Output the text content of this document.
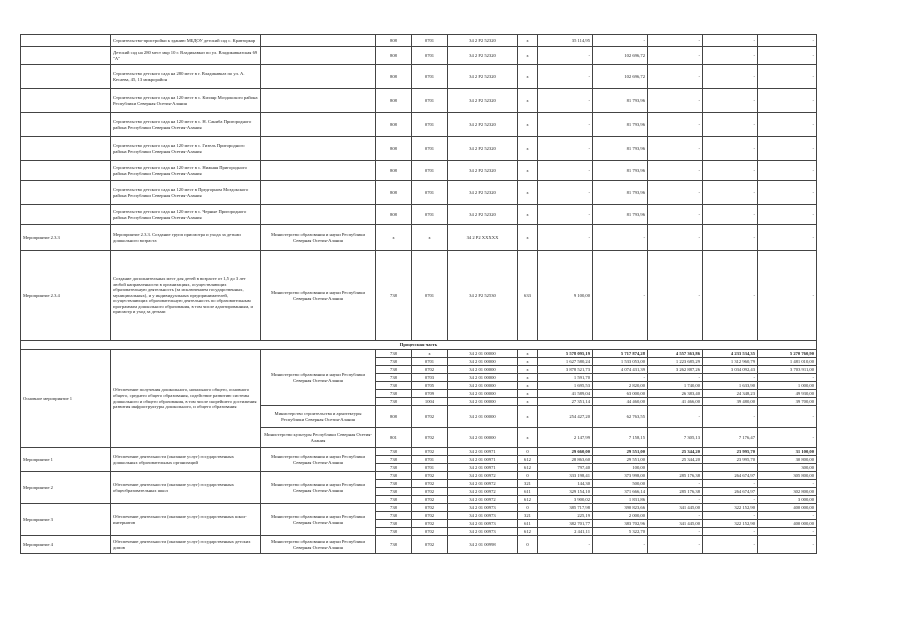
	Строительство-пристройки к зданию МБДОУ детский сад с. Кравторкар		808	0701	34 2 P2 52320	x	35 114,95	-	-	-	-
	Детский сад на 280 мест мкр 10 г. Владикавказ по ул. Владикавказская 69 "А"		808	0701	34 2 P2 52320	x	-	102 696,72	-	-	-
	Строительство детского сада на 280 мест в г. Владикавказ по ул. А. Кесаева, 45, 13 микрорайон		808	0701	34 2 P2 52320	x	-	102 696,72	-	-	-
	Строительство детского сада на 120 мест в с. Кизляр Моздокского района Республики Северная Осетия-Алания		808	0701	34 2 P2 52320	x	-	81 793,96	-	-	-
	Строительство детского сада на 120 мест в с. Н. Саниба Пригородного района Республики Северная Осетия-Алания		808	0701	34 2 P2 52320	x	-	81 793,96	-	-	-
	Строительство детского сада на 120 мест в с. Гизель Пригородного района Республики Северная Осетия-Алания		808	0701	34 2 P2 52320	x	-	81 793,96	-	-	-
	Строительство детского сада на 120 мест в с. Нижняя Пригородного района Республики Северная Осетия-Алания		808	0701	34 2 P2 52320	x	-	81 793,96	-	-	-
	Строительство детского сада на 120 мест в Предгорном Моздокского района Республики Северная Осетия-Алания		808	0701	34 2 P2 52320	x	-	81 793,96	-	-	-
	Строительство детского сада на 120 мест в с. Черные Пригородного района Республики Северная Осетия-Алания		808	0701	34 2 P2 52320	x	-	81 793,96	-	-	-
Мероприятие 2.3.3	Мероприятие 2.3.3. Создание групп присмотра и ухода за детьми дошкольного возраста	Министерство образования и науки Республики Северная Осетия-Алания	x	x	34 2 P2 XXXXX	x	-	-	-	-	-
Мероприятие 2.3.4	Создание дополнительных мест для детей в возрасте от 1,5 до 3 лет любой направленности в организациях, осуществляющих образовательную деятельность (за исключением государственных, муниципальных), и у индивидуальных предпринимателей, осуществляющих образовательную деятельность по образовательным программам дошкольного образования, в том числе адаптированным, и присмотр и уход за детьми	Министерство образования и науки Республики Северная Осетия-Алания	738	0701	34 2 P2 52530	633	9 100,00	-	-	-	-
Процессная часть											
Основное мероприятие 1	Обеспечение получения дошкольного, начального общего, основного общего, среднего общего образования, содействие развитию системы дошкольного и общего образования, в том числе скорейшего достижения развития инфраструктуры дошкольного, и общего образования	Министерство образования и науки Республики Северная Осетия-Алания	738	x	34 2 01 00000	x	5 578 095,19	5 717 874,28	4 557 363,86	4 233 534,35	5 270 760,90
			738	0701	34 2 01 00000	x	1 627 580,24	1 533 053,00	1 223 685,29	1 312 960,79	1 481 010,00
			738	0702	34 2 01 00000	x	3 878 521,73	4 074 431,39	3 262 887,26	3 034 092,43	3 703 911,00
			738	0703	34 2 01 00000	x	1 591,70	-	-	-	-
			738	0705	34 2 01 00000	x	1 695,53	2 820,00	1 740,00	1 633,90	1 000,00
			738	0709	34 2 01 00000	x	41 589,04	63 000,00	26 383,40	24 348,23	49 930,00
			738	1004	34 2 01 00000	x	27 351,14	44 460,00	41 466,00	39 480,00	39 700,00
		Министерство строительства и архитектуры Республики Северная Осетия-Алания	808	0702	34 2 01 00000	x	254 427,20	62 763,55	-	-	-
		Министерство культуры Республики Северная Осетия-Алания	801	0702	34 2 01 00000	x	2 147,99	7 158,15	7 305,13	7 176,47	-
Мероприятие 1	Обеспечение деятельности (оказание услуг) государственных дошкольных образовательных организаций	Министерство образования и науки Республики Северная Осетия-Алания	738	0702	34 2 01 00971	0	29 660,00	29 551,00	25 344,20	23 995,70	31 100,00
			738	0701	34 2 01 00971	612	28 863,60	29 551,00	25 344,20	23 995,70	30 800,00
			738	0701	34 2 01 00971	612	797,40	100,00			300,00
Мероприятие 2	Обеспечение деятельности (оказание услуг) государственных общеобразовательных школ	Министерство образования и науки Республики Северная Осетия-Алания	738	0702	34 2 01 00972	0	333 198,41	373 998,00	285 176,38	264 674,97	305 800,00
			738	0702	34 2 01 00972	321	144,30	500,00	-	-	-
			738	0702	34 2 01 00972	611	329 154,10	371 666,14	285 176,38	264 674,97	302 800,00
			738	0702	34 2 01 00972	612	3 900,02	1 831,86	-	-	3 000,00
Мероприятие 3	Обеспечение деятельности (оказание услуг) государственных школ-интернатов	Министерство образования и науки Республики Северная Осетия-Алания	738	0702	34 2 01 00973	0	385 717,98	390 823,66	341 445,00	322 152,90	400 000,00
			738	0702	34 2 01 00973	321	225,19	2 000,00	-	-	-
			738	0702	34 2 01 00973	611	382 701,77	383 702,96	341 445,00	322 152,90	400 000,00
			738	0702	34 2 01 00973	612	2 441,11	5 322,70	-	-	-
Мероприятие 4	Обеспечение деятельности (оказание услуг) государственных детских домов	Министерство образования и науки Республики Северная Осетия-Алания	738	0702	34 2 01 00998	0	-	-	-	-	-
